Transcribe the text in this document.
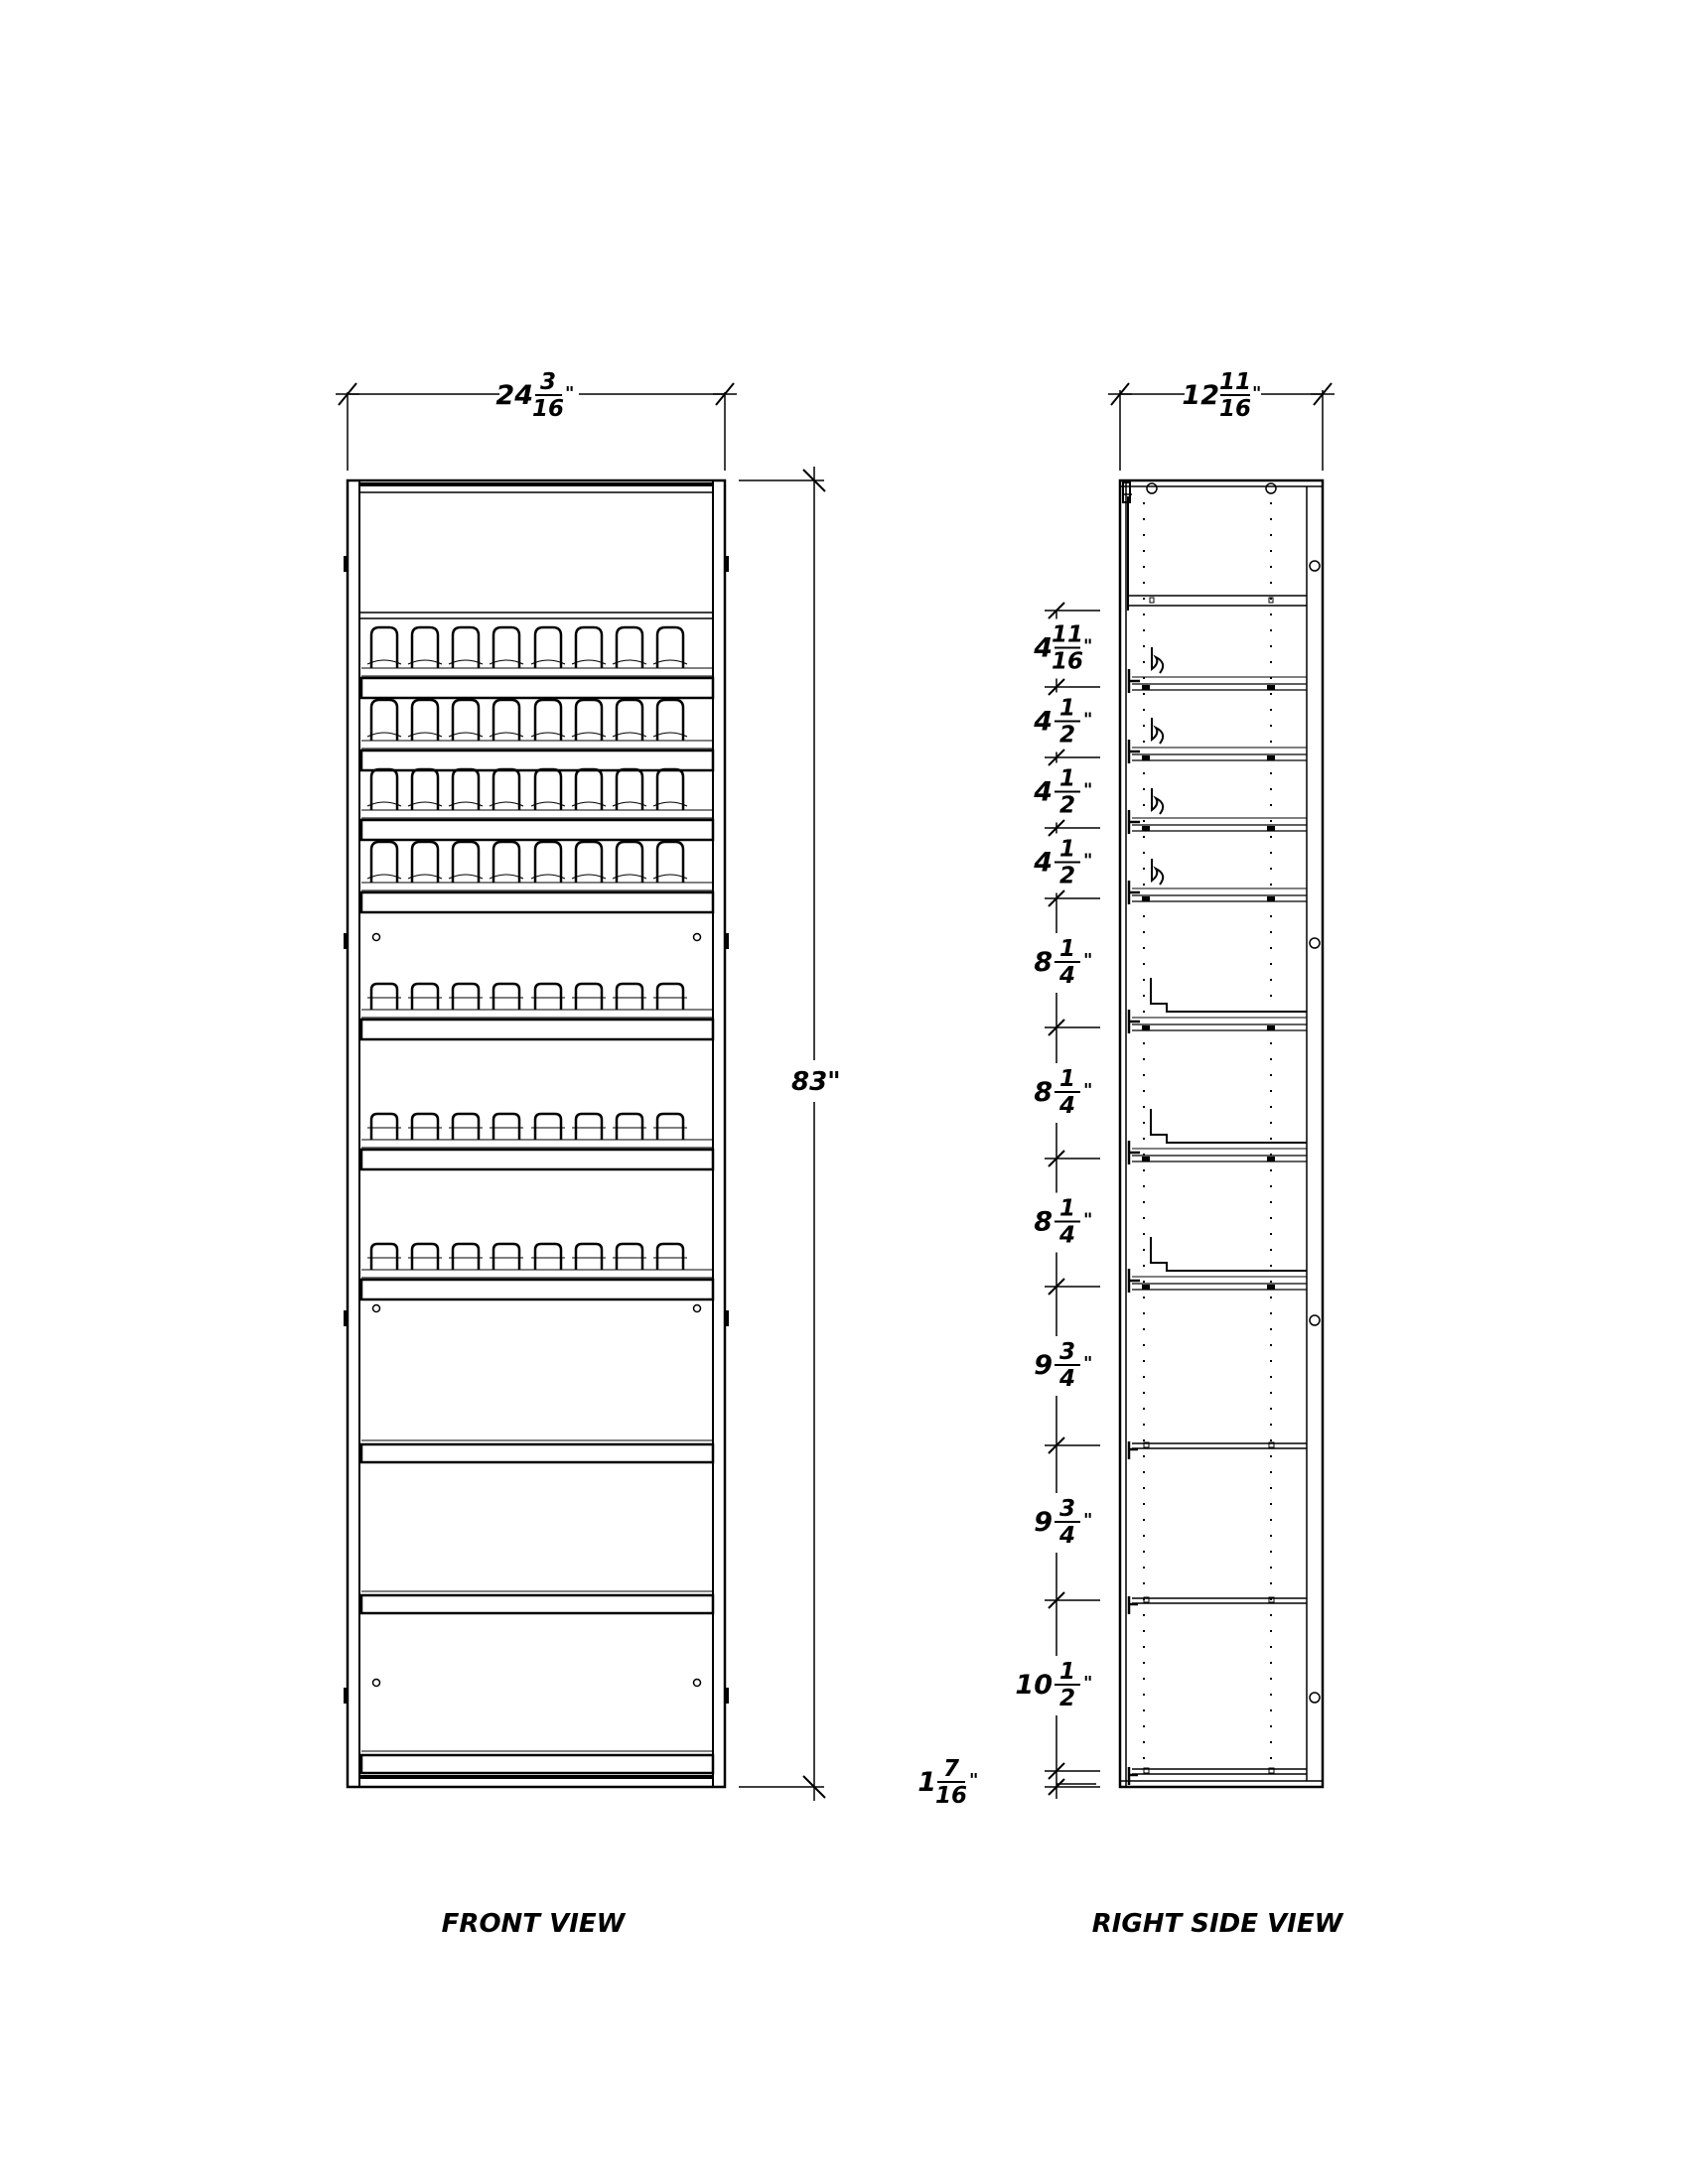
24 3
16
"
83"
FRONT VIEW
12 11
16
"
4
11
16
"
4 1
2
"
4 1
2
"
4 1
2
"
8 1
4
"
8 1
4
"
8 1
4
"
9 3
4
"
9 3
4
"
10 1
2
"
1 7
16
"
RIGHT SIDE VIEW
